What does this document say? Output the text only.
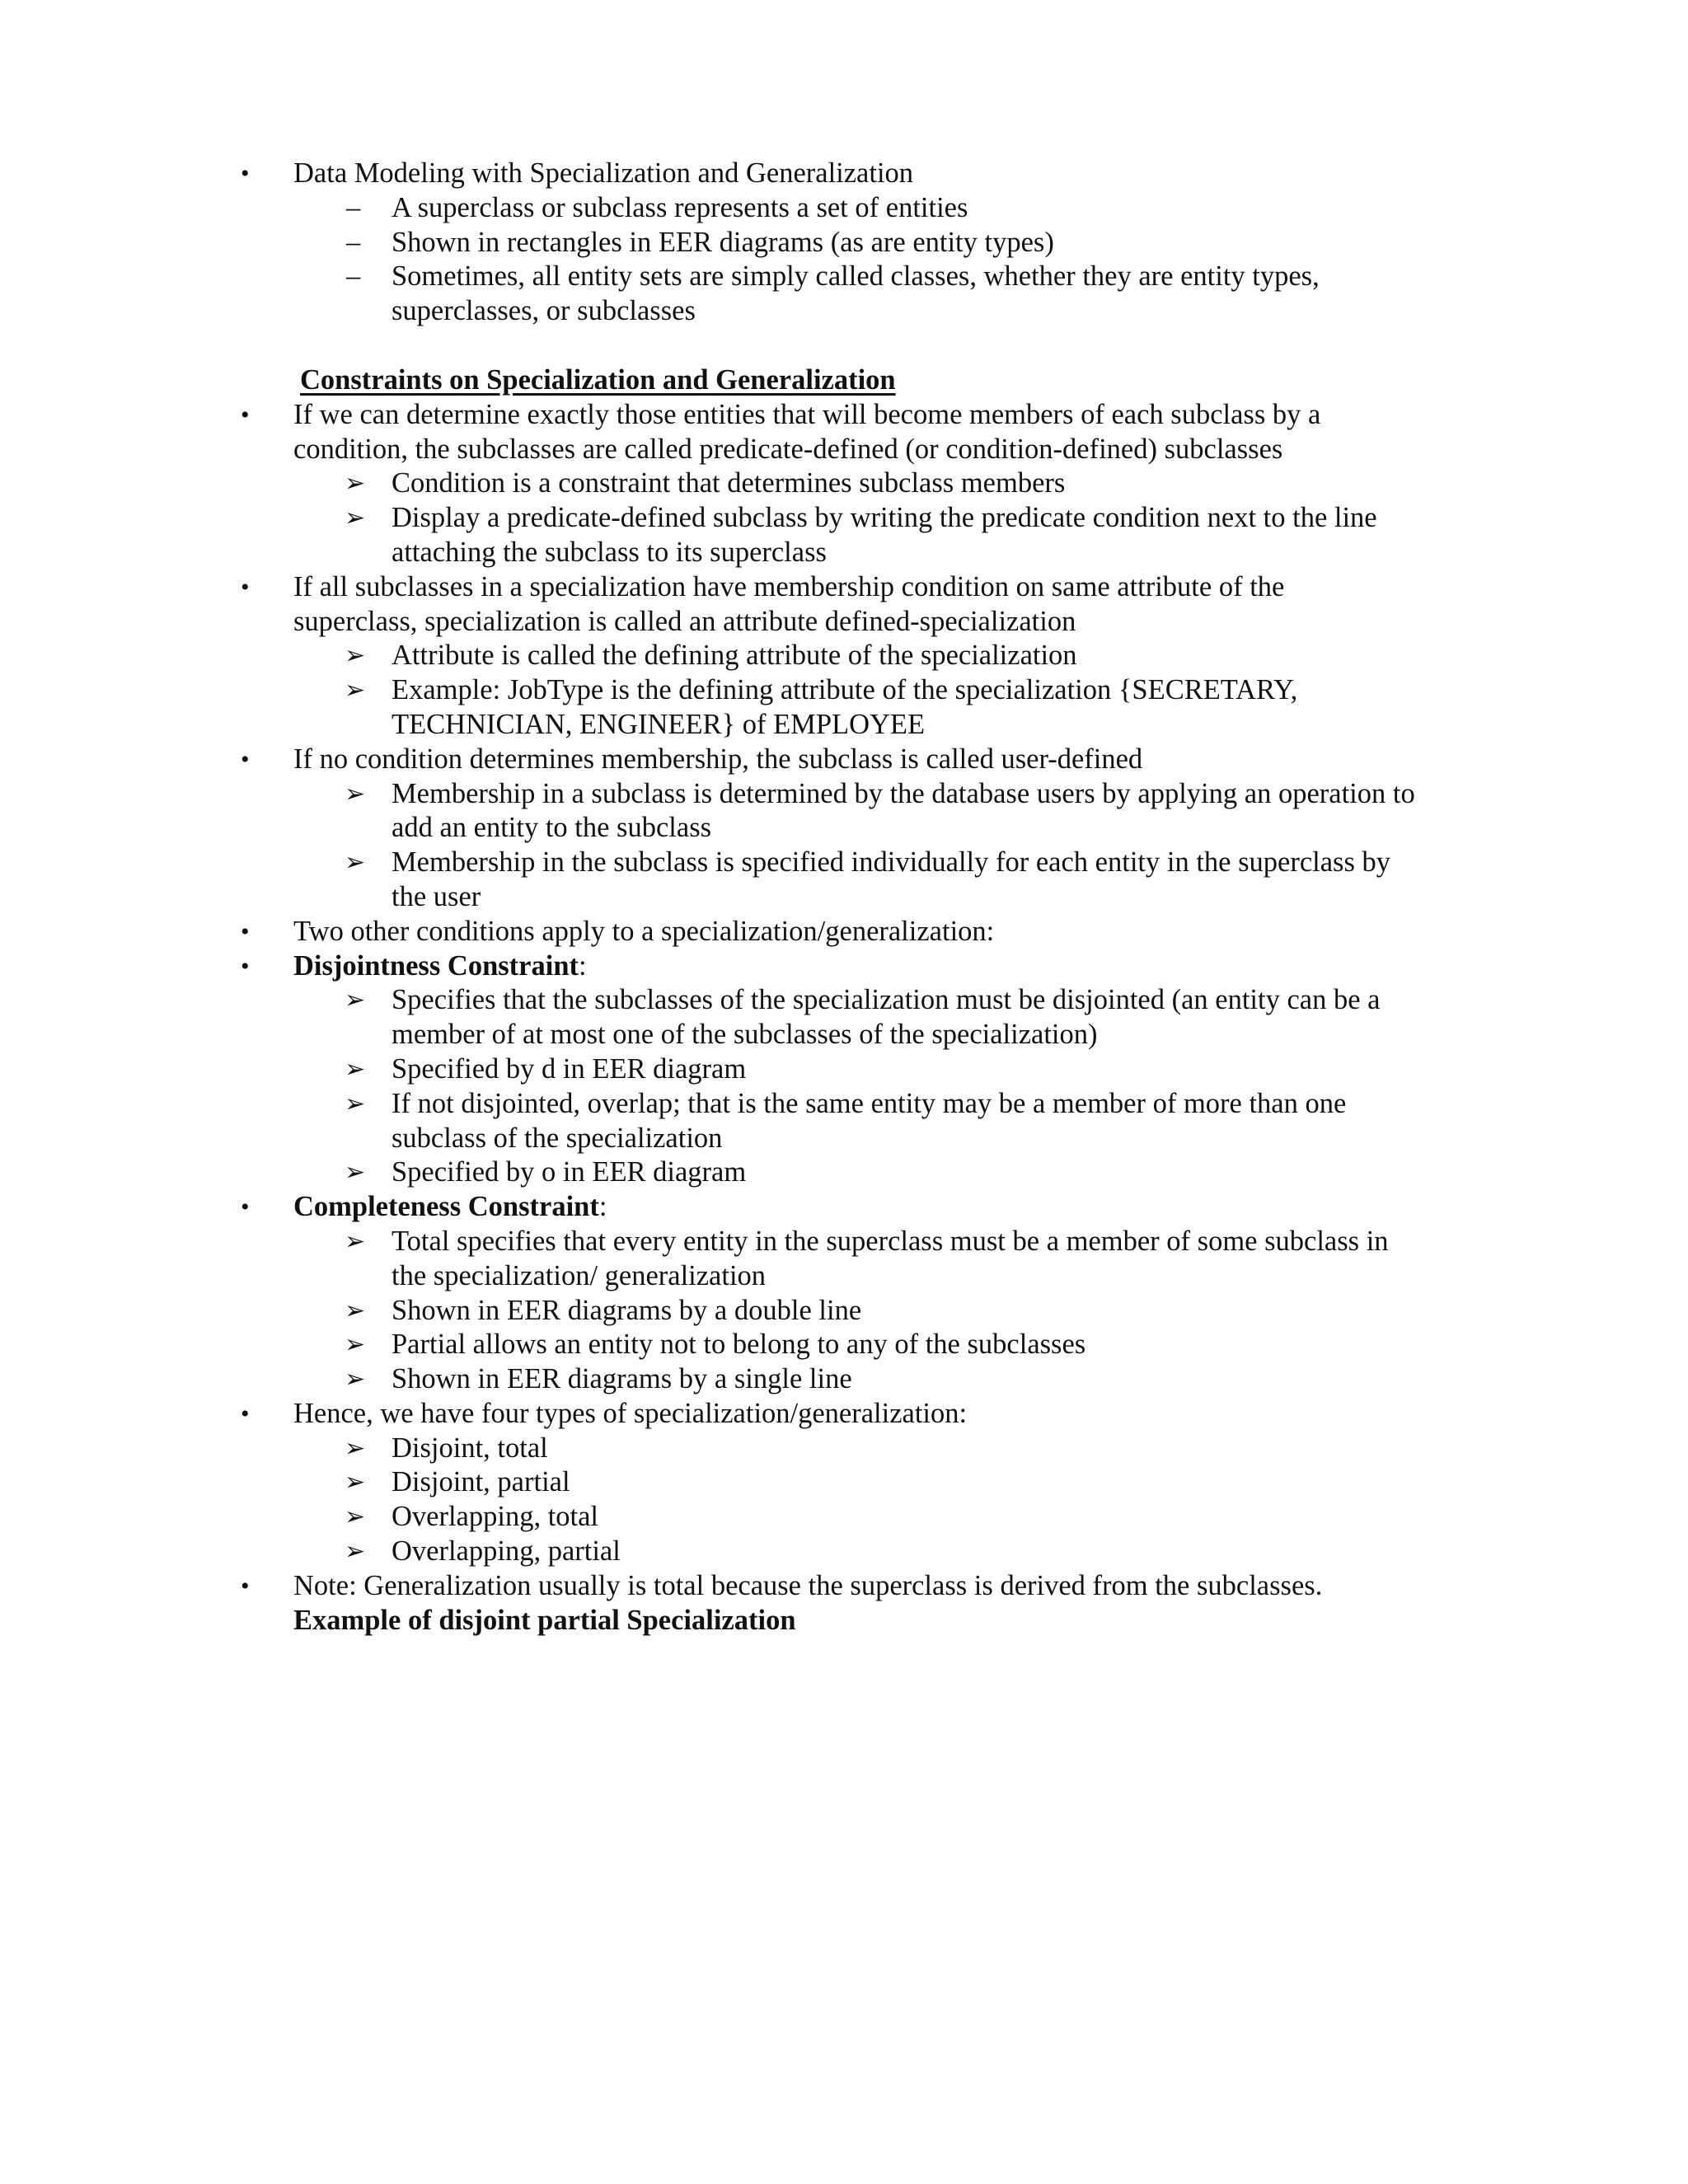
• Data Modeling with Specialization and Generalization
– A superclass or subclass represents a set of entities
– Shown in rectangles in EER diagrams (as are entity types)
– Sometimes, all entity sets are simply called classes, whether they are entity types,
superclasses, or subclasses
Constraints on Specialization and Generalization
• If we can determine exactly those entities that will become members of each subclass by a
condition, the subclasses are called predicate-defined (or condition-defined) subclasses
➢ Condition is a constraint that determines subclass members
➢ Display a predicate-defined subclass by writing the predicate condition next to the line
attaching the subclass to its superclass
• If all subclasses in a specialization have membership condition on same attribute of the
superclass, specialization is called an attribute defined-specialization
➢ Attribute is called the defining attribute of the specialization
➢ Example: JobType is the defining attribute of the specialization {SECRETARY,
TECHNICIAN, ENGINEER} of EMPLOYEE
• If no condition determines membership, the subclass is called user-defined
➢ Membership in a subclass is determined by the database users by applying an operation to
add an entity to the subclass
➢ Membership in the subclass is specified individually for each entity in the superclass by
the user
• Two other conditions apply to a specialization/generalization:
• Disjointness Constraint:
➢ Specifies that the subclasses of the specialization must be disjointed (an entity can be a
member of at most one of the subclasses of the specialization)
➢ Specified by d in EER diagram
➢ If not disjointed, overlap; that is the same entity may be a member of more than one
subclass of the specialization
➢ Specified by o in EER diagram
• Completeness Constraint:
➢ Total specifies that every entity in the superclass must be a member of some subclass in
the specialization/ generalization
➢ Shown in EER diagrams by a double line
➢ Partial allows an entity not to belong to any of the subclasses
➢ Shown in EER diagrams by a single line
• Hence, we have four types of specialization/generalization:
➢ Disjoint, total
➢ Disjoint, partial
➢ Overlapping, total
➢ Overlapping, partial
• Note: Generalization usually is total because the superclass is derived from the subclasses.
Example of disjoint partial Specialization
